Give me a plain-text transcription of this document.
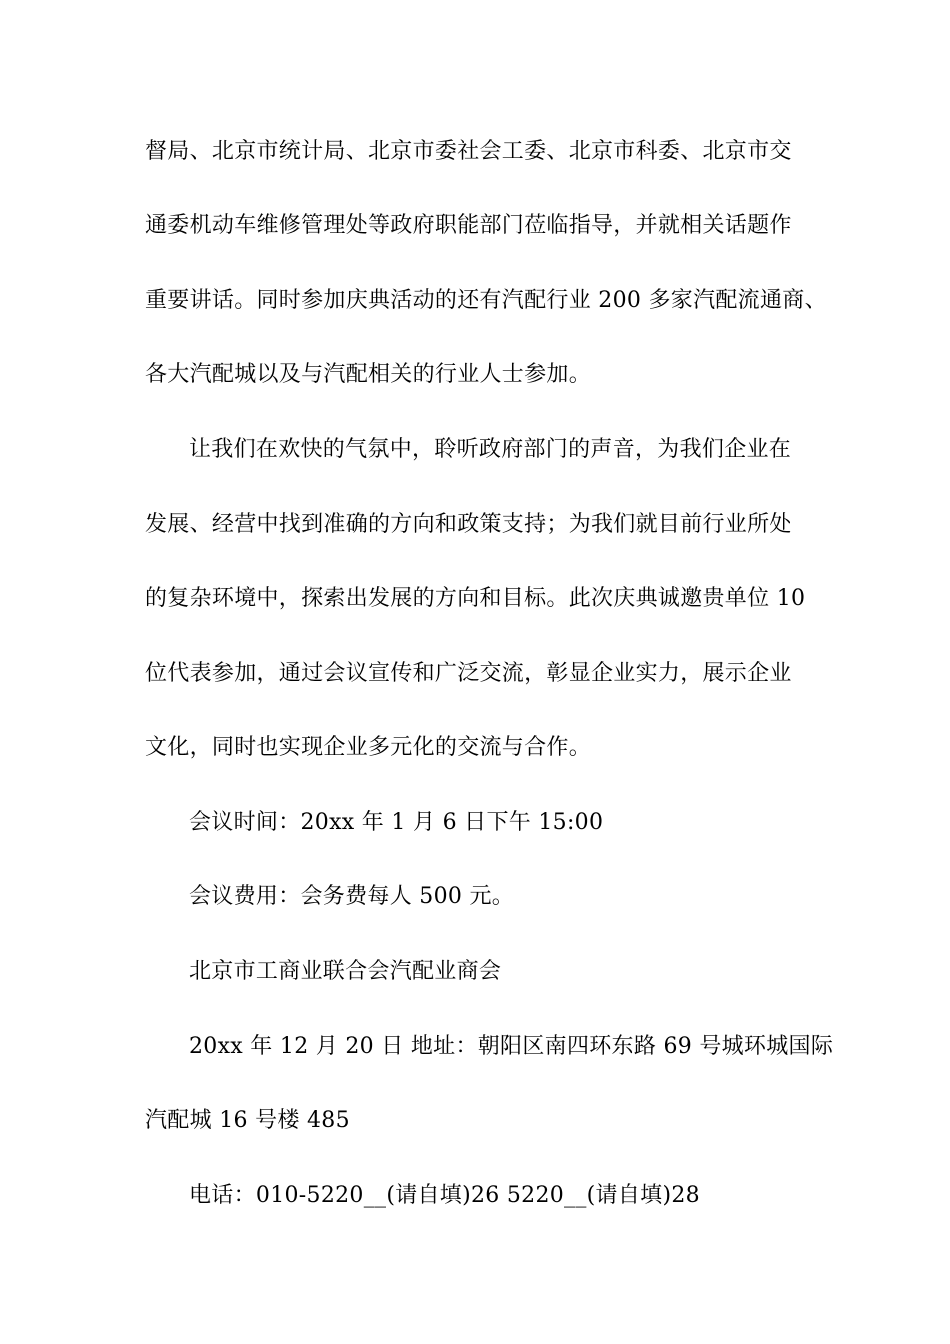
督局、北京市统计局、北京市委社会工委、北京市科委、北京市交
通委机动车维修管理处等政府职能部门莅临指导，并就相关话题作
重要讲话。同时参加庆典活动的还有汽配行业 200 多家汽配流通商、
各大汽配城以及与汽配相关的行业人士参加。
让我们在欢快的气氛中，聆听政府部门的声音，为我们企业在
发展、经营中找到准确的方向和政策支持；为我们就目前行业所处
的复杂环境中，探索出发展的方向和目标。此次庆典诚邀贵单位 10
位代表参加，通过会议宣传和广泛交流，彰显企业实力，展示企业
文化，同时也实现企业多元化的交流与合作。
会议时间：20xx 年 1 月 6 日下午 15:00
会议费用：会务费每人 500 元。
北京市工商业联合会汽配业商会
20xx 年 12 月 20 日 地址：朝阳区南四环东路 69 号城环城国际
汽配城 16 号楼 485
电话：010-5220__(请自填)26 5220__(请自填)28
